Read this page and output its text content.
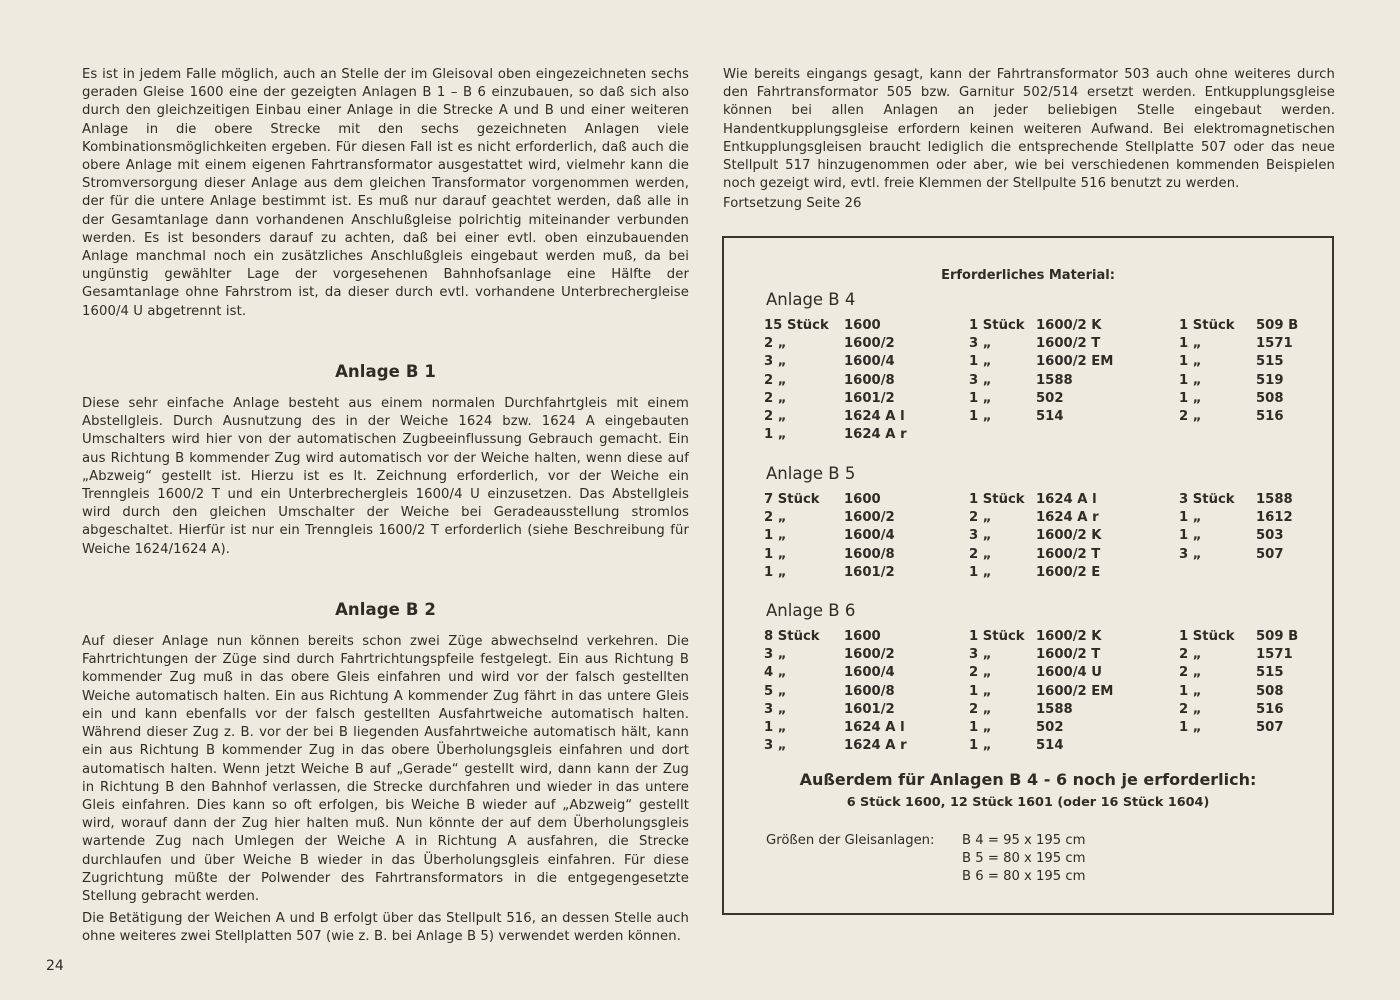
Es ist in jedem Falle möglich, auch an Stelle der im Gleisoval oben eingezeichneten sechs geraden Gleise 1600 eine der gezeigten Anlagen B 1 – B 6 einzubauen, so daß sich also durch den gleichzeitigen Einbau einer Anlage in die Strecke A und B und einer weiteren Anlage in die obere Strecke mit den sechs gezeichneten Anlagen viele Kombinationsmöglichkeiten ergeben. Für diesen Fall ist es nicht erforderlich, daß auch die obere Anlage mit einem eigenen Fahrtransformator ausgestattet wird, vielmehr kann die Stromversorgung dieser Anlage aus dem gleichen Transformator vorgenommen werden, der für die untere Anlage bestimmt ist. Es muß nur darauf geachtet werden, daß alle in der Gesamtanlage dann vorhandenen Anschlußgleise polrichtig miteinander verbunden werden. Es ist besonders darauf zu achten, daß bei einer evtl. oben einzubauenden Anlage manchmal noch ein zusätzliches Anschlußgleis eingebaut werden muß, da bei ungünstig gewählter Lage der vorgesehenen Bahnhofsanlage eine Hälfte der Gesamtanlage ohne Fahrstrom ist, da dieser durch evtl. vorhandene Unterbrechergleise 1600/4 U abgetrennt ist.

Anlage B 1

Diese sehr einfache Anlage besteht aus einem normalen Durchfahrtgleis mit einem Abstellgleis. Durch Ausnutzung des in der Weiche 1624 bzw. 1624 A eingebauten Umschalters wird hier von der automatischen Zugbeeinflussung Gebrauch gemacht. Ein aus Richtung B kommender Zug wird automatisch vor der Weiche halten, wenn diese auf „Abzweig“ gestellt ist. Hierzu ist es lt. Zeichnung erforderlich, vor der Weiche ein Trenngleis 1600/2 T und ein Unterbrechergleis 1600/4 U einzusetzen. Das Abstellgleis wird durch den gleichen Umschalter der Weiche bei Geradeausstellung stromlos abgeschaltet. Hierfür ist nur ein Trenngleis 1600/2 T erforderlich (siehe Beschreibung für Weiche 1624/1624 A).

Anlage B 2

Auf dieser Anlage nun können bereits schon zwei Züge abwechselnd verkehren. Die Fahrtrichtungen der Züge sind durch Fahrtrichtungspfeile festgelegt. Ein aus Richtung B kommender Zug muß in das obere Gleis einfahren und wird vor der falsch gestellten Weiche automatisch halten. Ein aus Richtung A kommender Zug fährt in das untere Gleis ein und kann ebenfalls vor der falsch gestellten Ausfahrtweiche automatisch halten. Während dieser Zug z. B. vor der bei B liegenden Ausfahrtweiche automatisch hält, kann ein aus Richtung B kommender Zug in das obere Überholungsgleis einfahren und dort automatisch halten. Wenn jetzt Weiche B auf „Gerade“ gestellt wird, dann kann der Zug in Richtung B den Bahnhof verlassen, die Strecke durchfahren und wieder in das untere Gleis einfahren. Dies kann so oft erfolgen, bis Weiche B wieder auf „Abzweig“ gestellt wird, worauf dann der Zug hier halten muß. Nun könnte der auf dem Überholungsgleis wartende Zug nach Umlegen der Weiche A in Richtung A ausfahren, die Strecke durchlaufen und über Weiche B wieder in das Überholungsgleis einfahren. Für diese Zugrichtung müßte der Polwender des Fahrtransformators in die entgegengesetzte Stellung gebracht werden.

Die Betätigung der Weichen A und B erfolgt über das Stellpult 516, an dessen Stelle auch ohne weiteres zwei Stellplatten 507 (wie z. B. bei Anlage B 5) verwendet werden können.

Wie bereits eingangs gesagt, kann der Fahrtransformator 503 auch ohne weiteres durch den Fahrtransformator 505 bzw. Garnitur 502/514 ersetzt werden. Entkupplungsgleise können bei allen Anlagen an jeder beliebigen Stelle eingebaut werden. Handentkupplungsgleise erfordern keinen weiteren Aufwand. Bei elektromagnetischen Entkupplungsgleisen braucht lediglich die entsprechende Stellplatte 507 oder das neue Stellpult 517 hinzugenommen oder aber, wie bei verschiedenen kommenden Beispielen noch gezeigt wird, evtl. freie Klemmen der Stellpulte 516 benutzt zu werden.

Fortsetzung Seite 26

Erforderliches Material:
Anlage B 4
15 Stück 1600	1 Stück 1600/2 K	1 Stück 509 B
2 „	1600/2	3 „	1600/2 T	1 „	1571
3 „	1600/4	1 „	1600/2 EM	1 „	515
2 „	1600/8	3 „	1588	1 „	519
2 „	1601/2	1 „	502	1 „	508
2 „	1624 A l	1 „	514	2 „	516
1 „	1624 A r
Anlage B 5
7 Stück 1600	1 Stück 1624 A l	3 Stück 1588
2 „	1600/2	2 „	1624 A r	1 „	1612
1 „	1600/4	3 „	1600/2 K	1 „	503
1 „	1600/8	2 „	1600/2 T	3 „	507
1 „	1601/2	1 „	1600/2 E
Anlage B 6
8 Stück 1600	1 Stück 1600/2 K	1 Stück 509 B
3 „	1600/2	3 „	1600/2 T	2 „	1571
4 „	1600/4	2 „	1600/4 U	2 „	515
5 „	1600/8	1 „	1600/2 EM	1 „	508
3 „	1601/2	2 „	1588	2 „	516
1 „	1624 A l	1 „	502	1 „	507
3 „	1624 A r	1 „	514
Außerdem für Anlagen B 4 - 6 noch je erforderlich:
6 Stück 1600, 12 Stück 1601 (oder 16 Stück 1604)
Größen der Gleisanlagen: B 4 = 95 x 195 cm
B 5 = 80 x 195 cm
B 6 = 80 x 195 cm
24
